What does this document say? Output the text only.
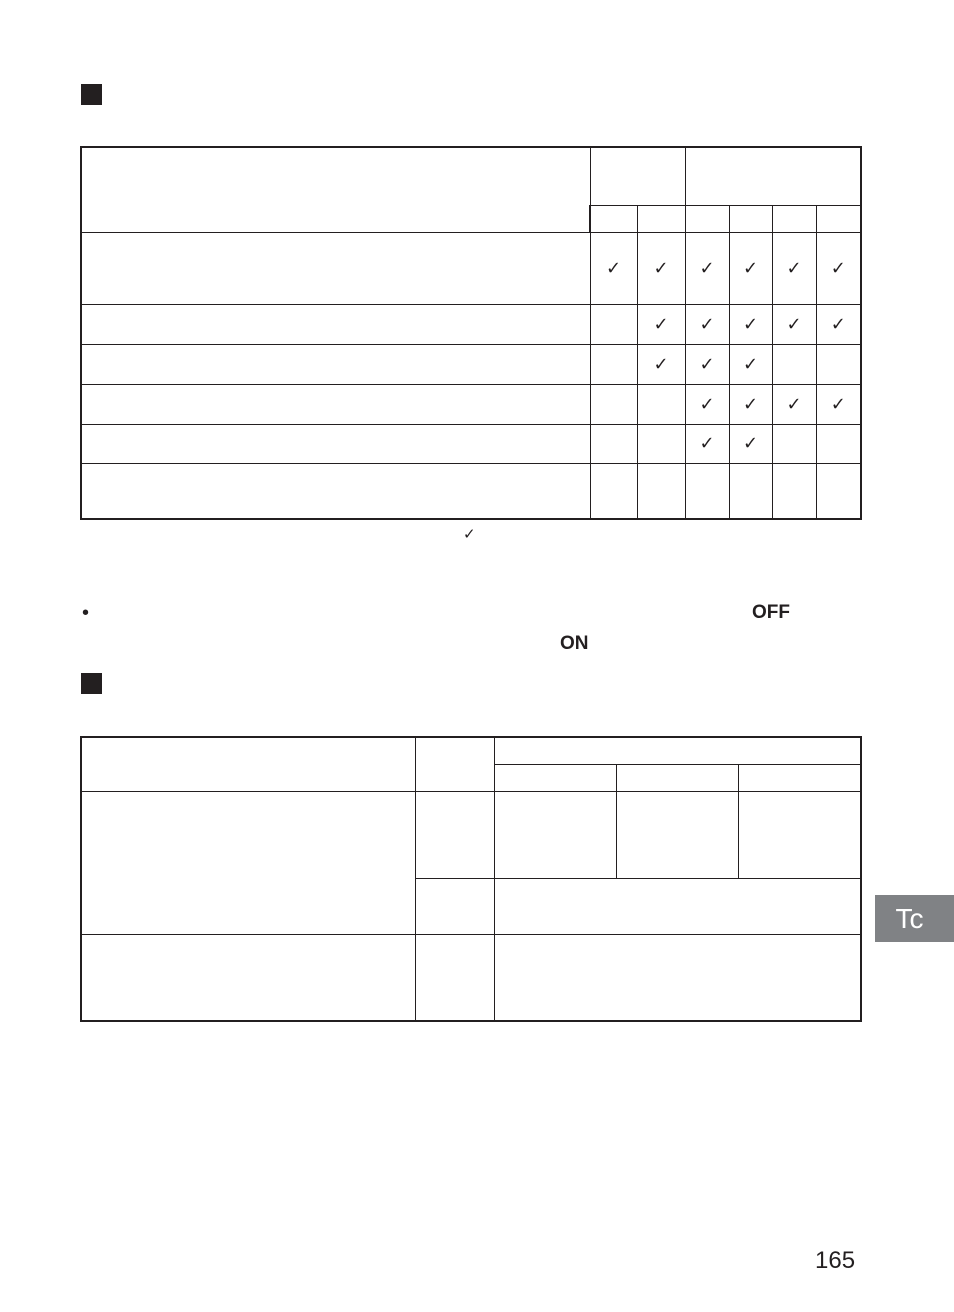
	✓	✓	✓	✓	✓	✓
		✓	✓	✓	✓	✓
		✓	✓	✓		
			✓	✓	✓	✓
			✓	✓		

✓
•	OFF
ON

Tc
165
